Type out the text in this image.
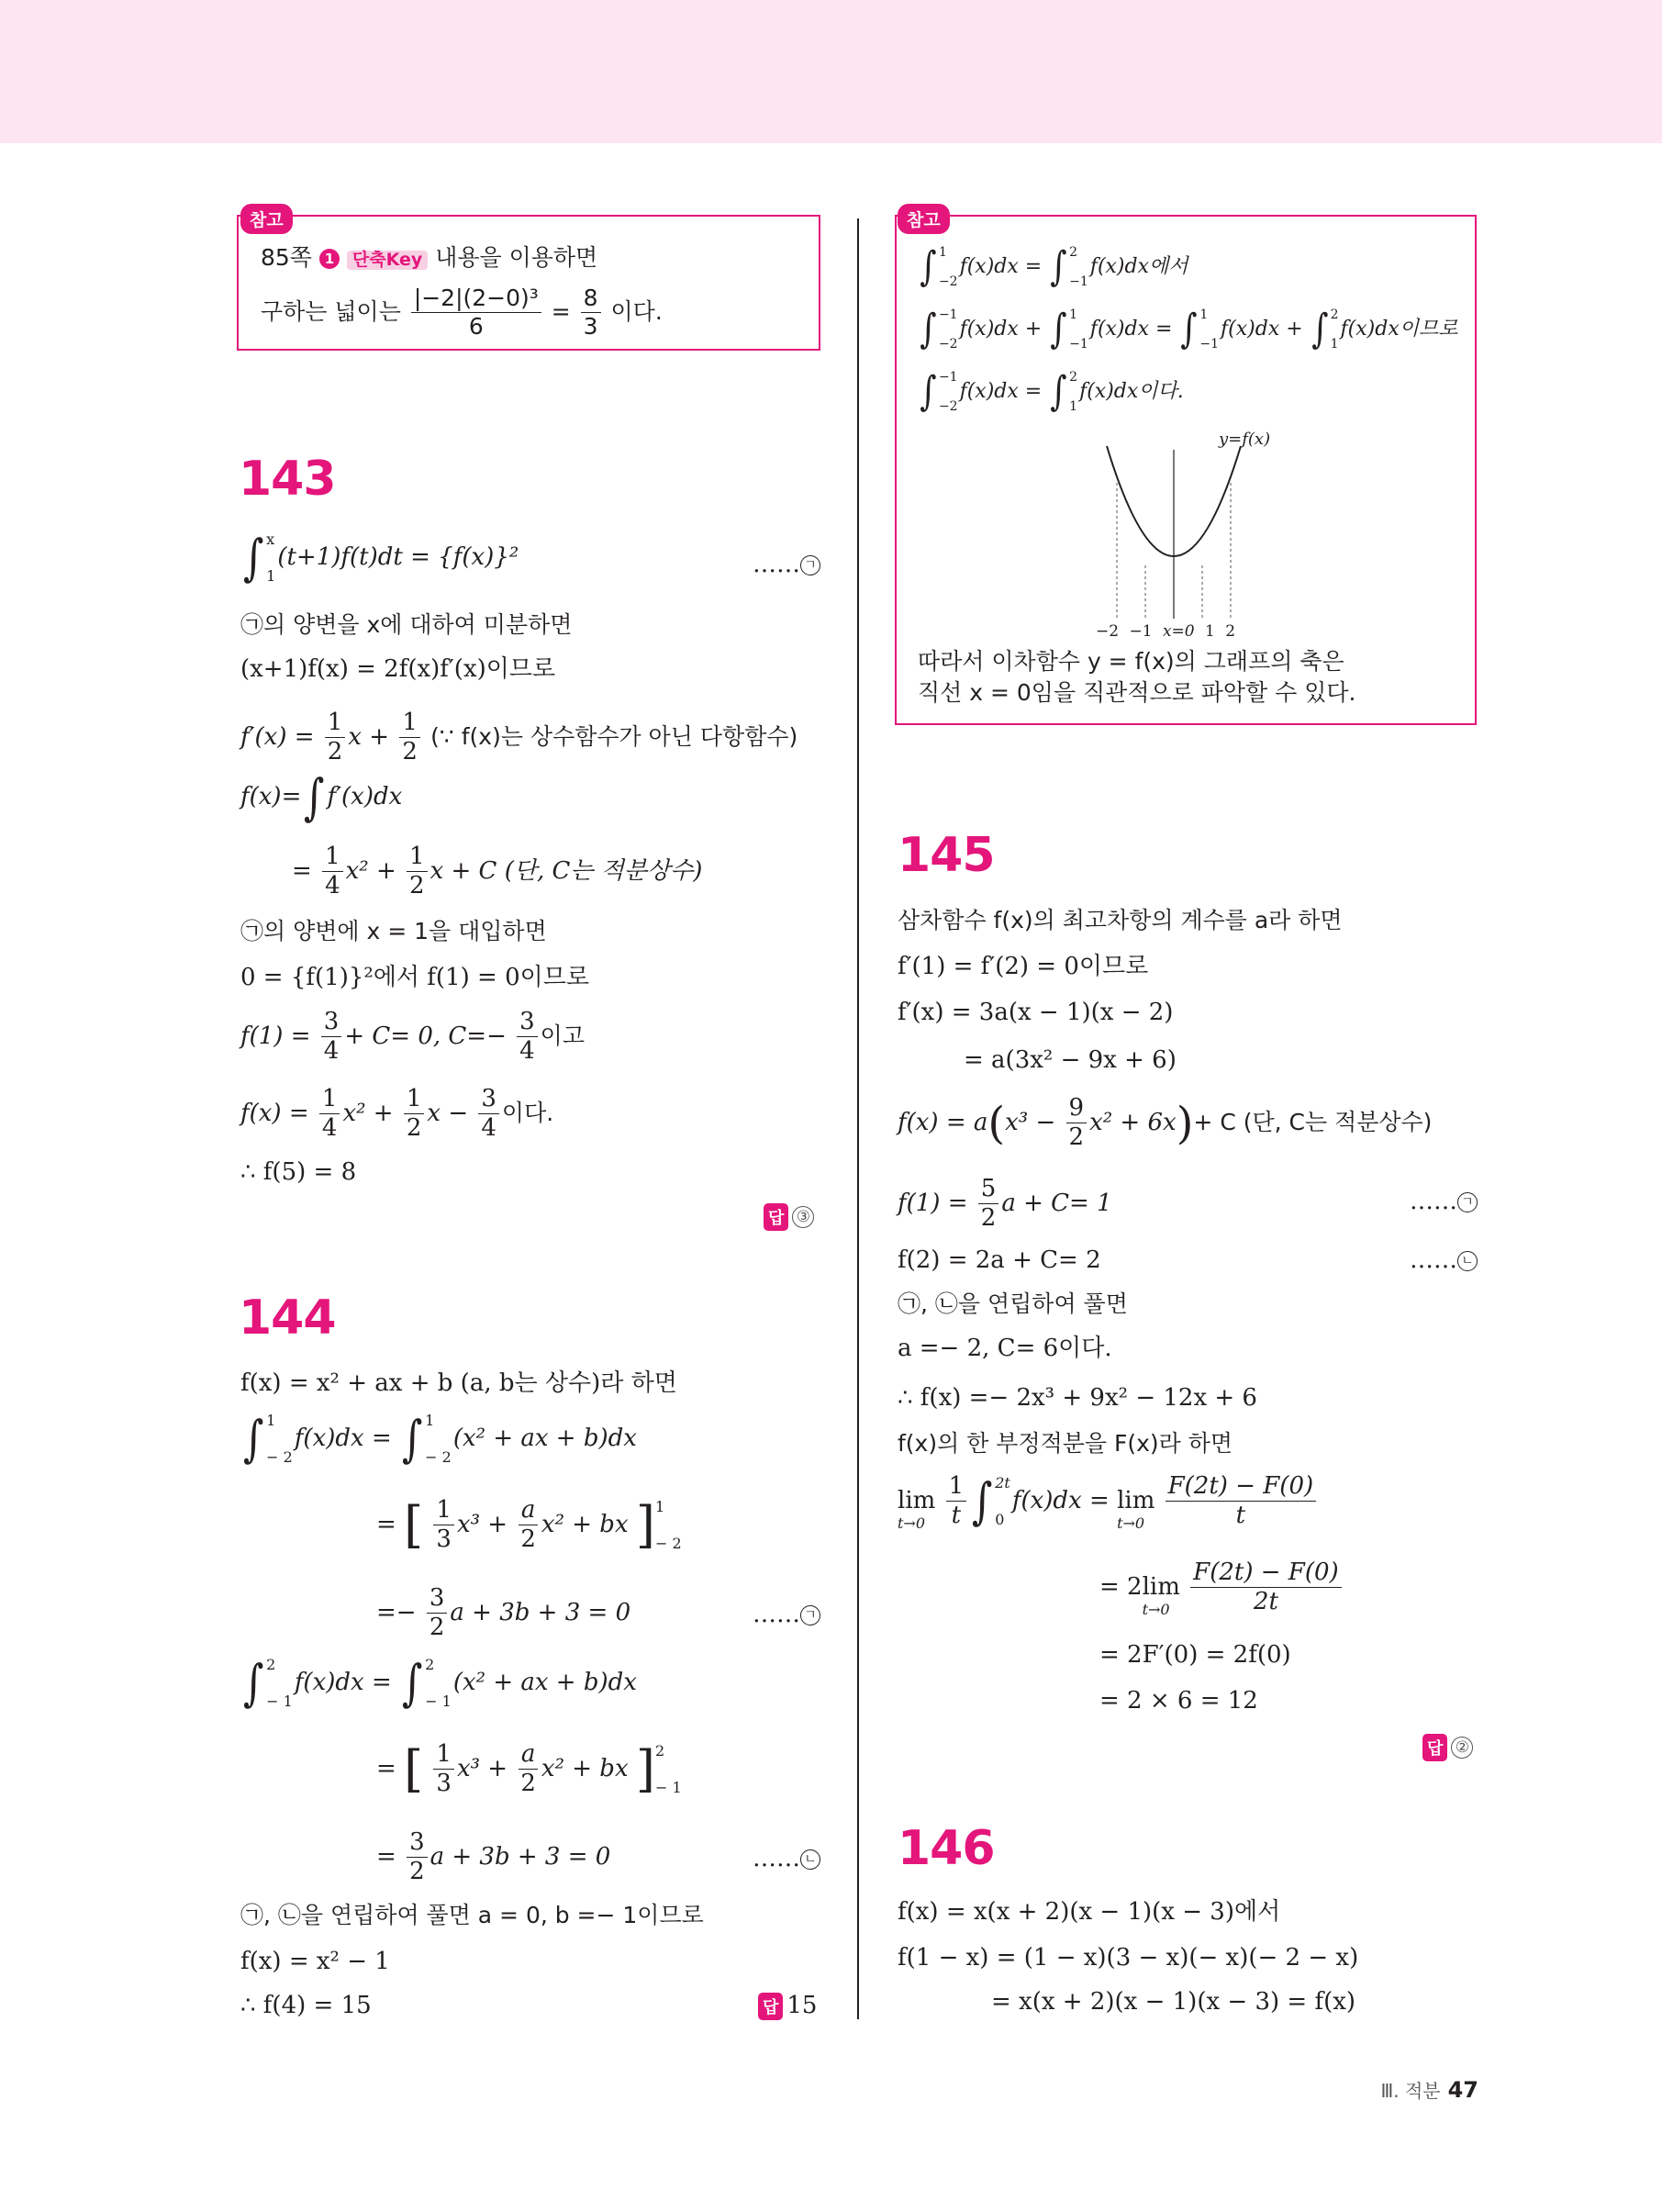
참고
85쪽 1 단축Key 내용을 이용하면
구하는 넓이는 $\frac{\text{|−2|(2−0)³}}{6} = \frac{8}{3}$ 이다.
143
∫ x
1
(t+1)f(t)dt = {f(x)}²	…… ㄱ
㉠의 양변을 x에 대하여 미분하면
(x+1)f(x) = 2f(x)f′(x)이므로
$f'(x) = \frac{1}{2}$ $x + \frac{1}{2}$ (∵ f(x)는 상수함수가 아닌 다항함수)
f(x)=∫ f′(x)dx
= $\frac{1}{4} x^2 + \frac{1}{2}$ x + C (단, C는 적분상수)
㉠의 양변에 x = 1을 대입하면
0 = {f(1)}²에서 f(1) = 0이므로
$f(1) = \frac{3}{4} + C= 0$, $C=- \frac{3}{4}$ 이고
$f(x) = \frac{1}{4} x^2 + \frac{1}{2}$ $x - \frac{3}{4}$ 이다.
∴ f(5) = 8
답 ③
144
f(x) = x² + ax + b (a, b는 상수)라 하면
∫ 1
− 2
f(x)dx = ∫ 1
− 2
(x² + ax + b)dx
= [ $\frac{1}{3} x^3 + \frac{a}{2} x^2$ + bx ] 1
− 2
=− $\frac{3}{2}$ a + 3b + 3 = 0	…… ㄱ
∫ 2
− 1
f(x)dx = ∫ 2
− 1
(x² + ax + b)dx
= [ $\frac{1}{3} x^3 + \frac{a}{2} x^2$ + bx ] 2
− 1
= $\frac{3}{2}$ a + 3b + 3 = 0	…… ㄴ
㉠, ㉡을 연립하여 풀면 a = 0, b =− 1이므로
f(x) = x² − 1
∴ f(4) = 15	답 15
참고
∫ 1
−2
f(x)dx = ∫ 2
−1
f(x)dx에서
∫ −1
−2
f(x)dx + ∫ 1
−1
f(x)dx = ∫ 1
−1
f(x)dx + ∫ 2
1
f(x)dx이므로
∫ −1
−2
f(x)dx = ∫ 2
1
f(x)dx이다.
y=f(x)
−2 −1 x=0 1 2
따라서 이차함수 y = f(x)의 그래프의 축은
직선 x = 0임을 직관적으로 파악할 수 있다.
145
삼차함수 f(x)의 최고차항의 계수를 a라 하면
f′(1) = f′(2) = 0이므로
f′(x) = 3a(x − 1)(x − 2)
= a(3x² − 9x + 6)
$f(x) = a(x^3 - \frac{9}{2} x^2 + 6x)+ C$ (단, C는 적분상수)
$f(1) = \frac{5}{2}$ a + C= 1	…… ㄱ
f(2) = 2a + C= 2	…… ㄴ
㉠, ㉡을 연립하여 풀면
a =− 2, C= 6이다.
∴ f(x) =− 2x³ + 9x² − 12x + 6
f(x)의 한 부정적분을 F(x)라 하면
lim
t→0
$\frac{1}{t}$ ∫ 2t
0
f(x)dx = lim
t→0
$\frac{F(2t) - F(0)}{t}$
= 2lim
t→0
$\frac{F(2t) - F(0)}{2t}$
= 2F′(0) = 2f(0)
= 2 × 6 = 12
답 ②
146
f(x) = x(x + 2)(x − 1)(x − 3)에서
f(1 − x) = (1 − x)(3 − x)(− x)(− 2 − x)
= x(x + 2)(x − 1)(x − 3) = f(x)
Ⅲ. 적분 47
